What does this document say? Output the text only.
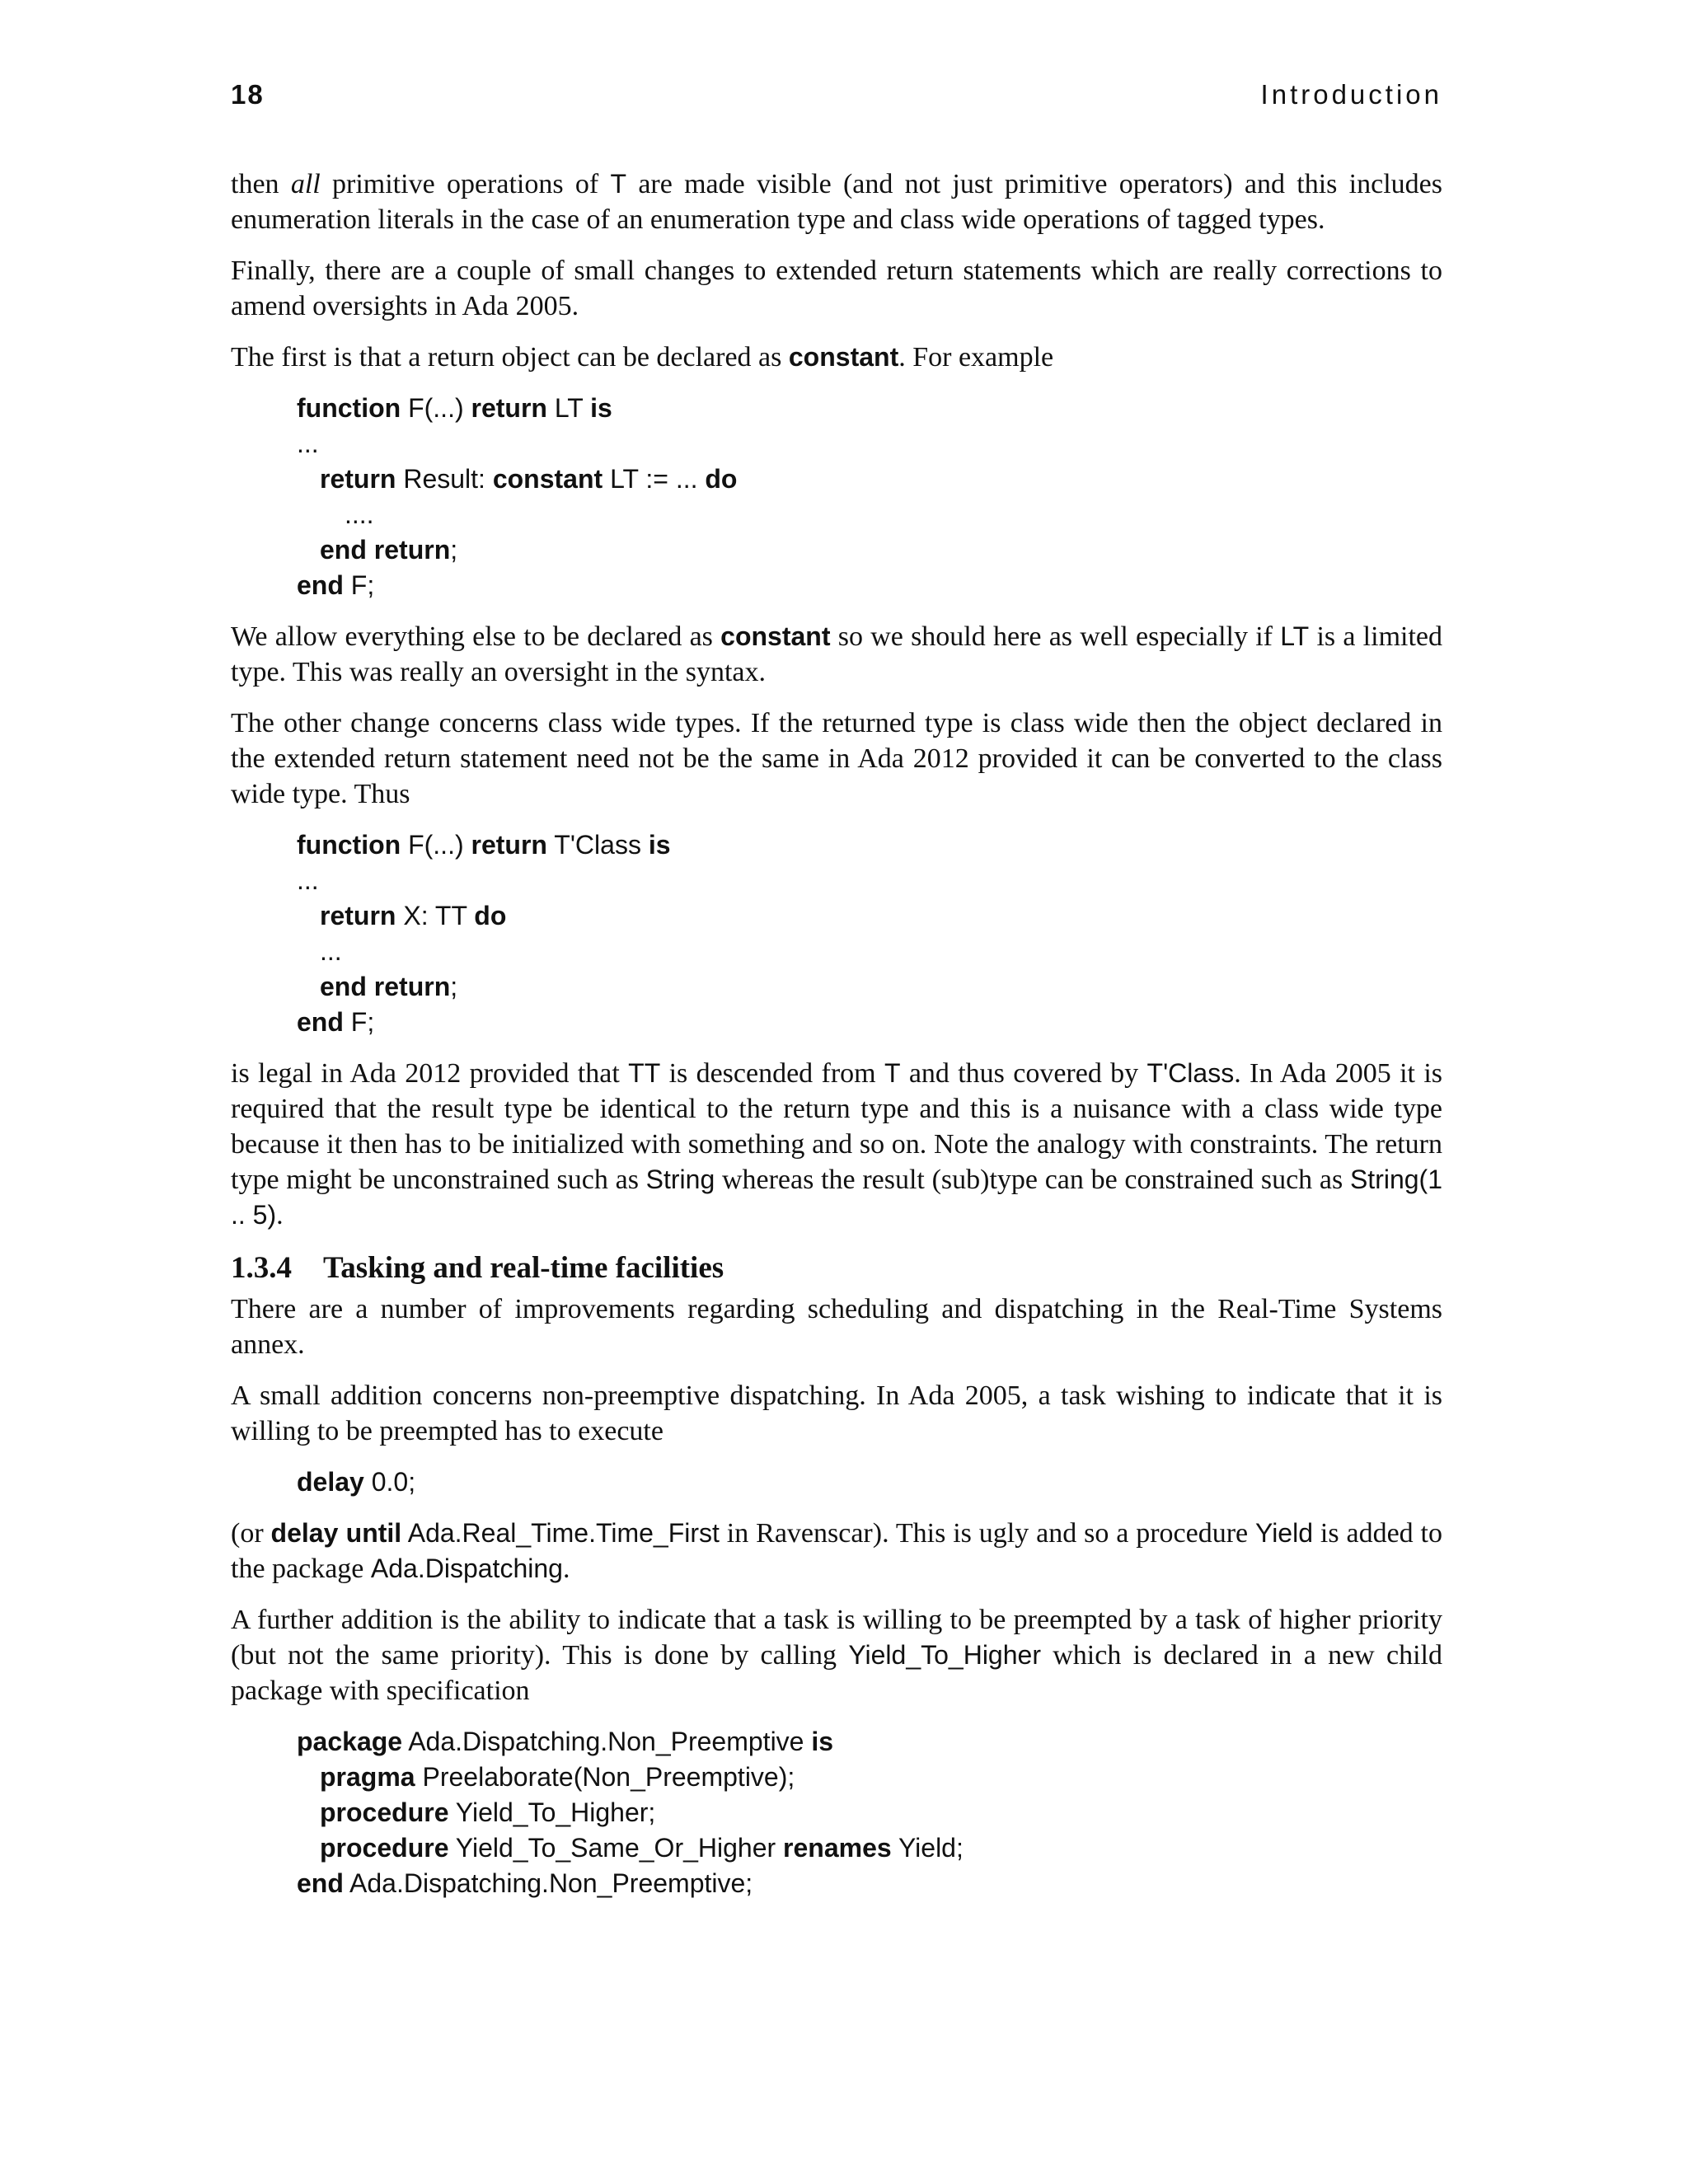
18	Introduction

then all primitive operations of T are made visible (and not just primitive operators) and this includes enumeration literals in the case of an enumeration type and class wide operations of tagged types.

Finally, there are a couple of small changes to extended return statements which are really corrections to amend oversights in Ada 2005.

The first is that a return object can be declared as constant. For example

function F(...) return LT is
...
return Result: constant LT := ... do
....
end return;
end F;

We allow everything else to be declared as constant so we should here as well especially if LT is a limited type. This was really an oversight in the syntax.

The other change concerns class wide types. If the returned type is class wide then the object declared in the extended return statement need not be the same in Ada 2012 provided it can be converted to the class wide type. Thus

function F(...) return T'Class is
...
return X: TT do
...
end return;
end F;

is legal in Ada 2012 provided that TT is descended from T and thus covered by T'Class. In Ada 2005 it is required that the result type be identical to the return type and this is a nuisance with a class wide type because it then has to be initialized with something and so on. Note the analogy with constraints. The return type might be unconstrained such as String whereas the result (sub)type can be constrained such as String(1 .. 5).

1.3.4 Tasking and real-time facilities

There are a number of improvements regarding scheduling and dispatching in the Real-Time Systems annex.

A small addition concerns non-preemptive dispatching. In Ada 2005, a task wishing to indicate that it is willing to be preempted has to execute

delay 0.0;

(or delay until Ada.Real_Time.Time_First in Ravenscar). This is ugly and so a procedure Yield is added to the package Ada.Dispatching.

A further addition is the ability to indicate that a task is willing to be preempted by a task of higher priority (but not the same priority). This is done by calling Yield_To_Higher which is declared in a new child package with specification

package Ada.Dispatching.Non_Preemptive is
pragma Preelaborate(Non_Preemptive);
procedure Yield_To_Higher;
procedure Yield_To_Same_Or_Higher renames Yield;
end Ada.Dispatching.Non_Preemptive;
